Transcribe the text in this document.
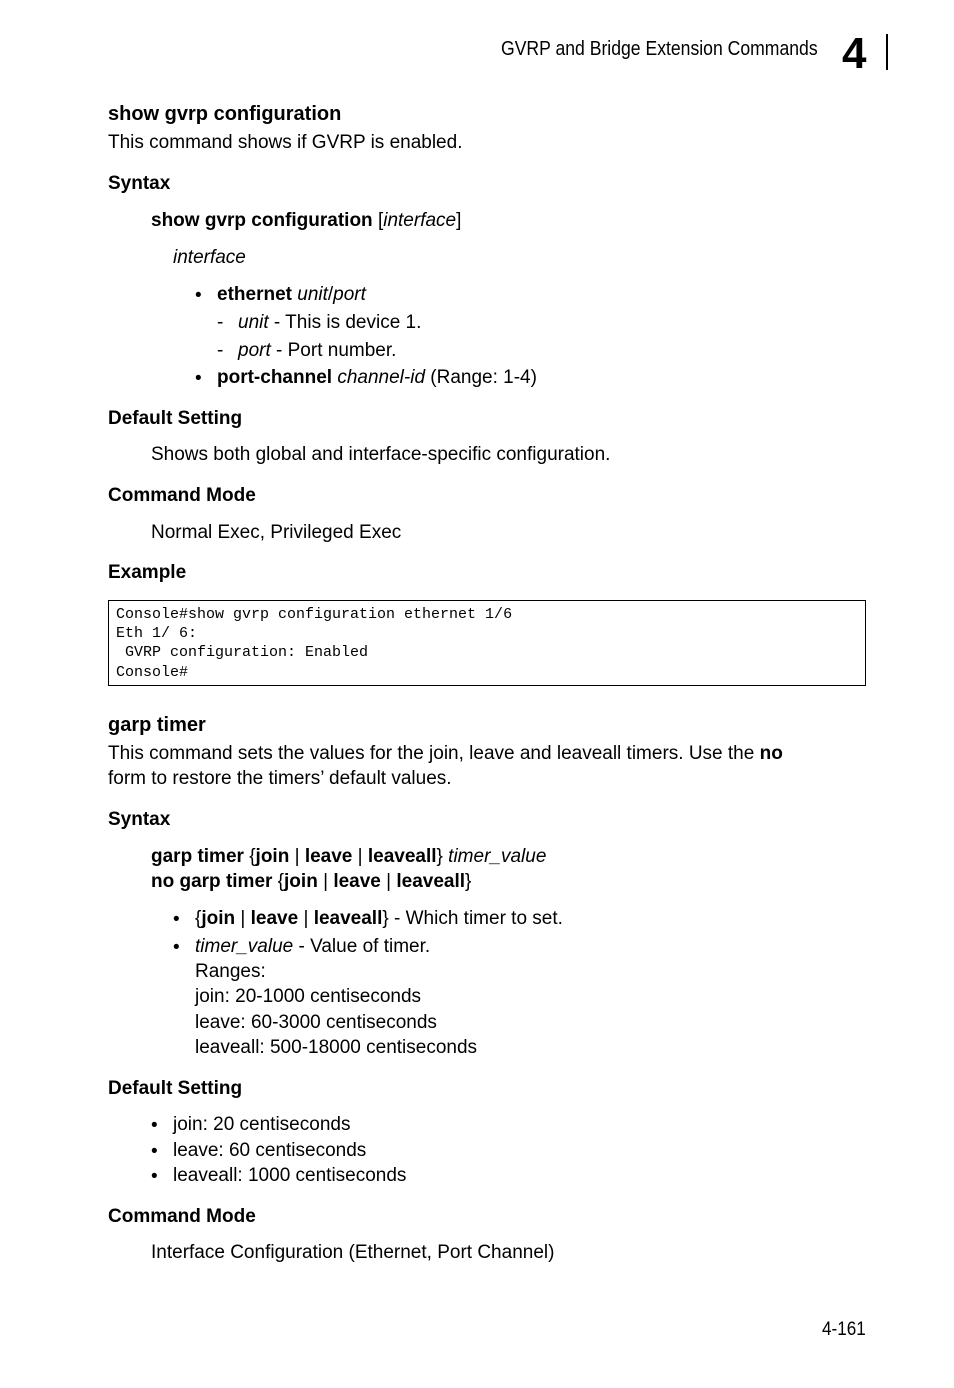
GVRP and Bridge Extension Commands 4
show gvrp configuration
This command shows if GVRP is enabled.
Syntax
show gvrp configuration [interface]
interface
• ethernet unit/port
- unit - This is device 1.
- port - Port number.
• port-channel channel-id (Range: 1-4)
Default Setting
Shows both global and interface-specific configuration.
Command Mode
Normal Exec, Privileged Exec
Example
Console#show gvrp configuration ethernet 1/6
Eth 1/ 6:
GVRP configuration: Enabled
Console#
garp timer
This command sets the values for the join, leave and leaveall timers. Use the no
form to restore the timers’ default values.
Syntax
garp timer {join | leave | leaveall} timer_value
no garp timer {join | leave | leaveall}
• {join | leave | leaveall} - Which timer to set.
• timer_value - Value of timer.
Ranges:
join: 20-1000 centiseconds
leave: 60-3000 centiseconds
leaveall: 500-18000 centiseconds
Default Setting
• join: 20 centiseconds
• leave: 60 centiseconds
• leaveall: 1000 centiseconds
Command Mode
Interface Configuration (Ethernet, Port Channel)
4-161
